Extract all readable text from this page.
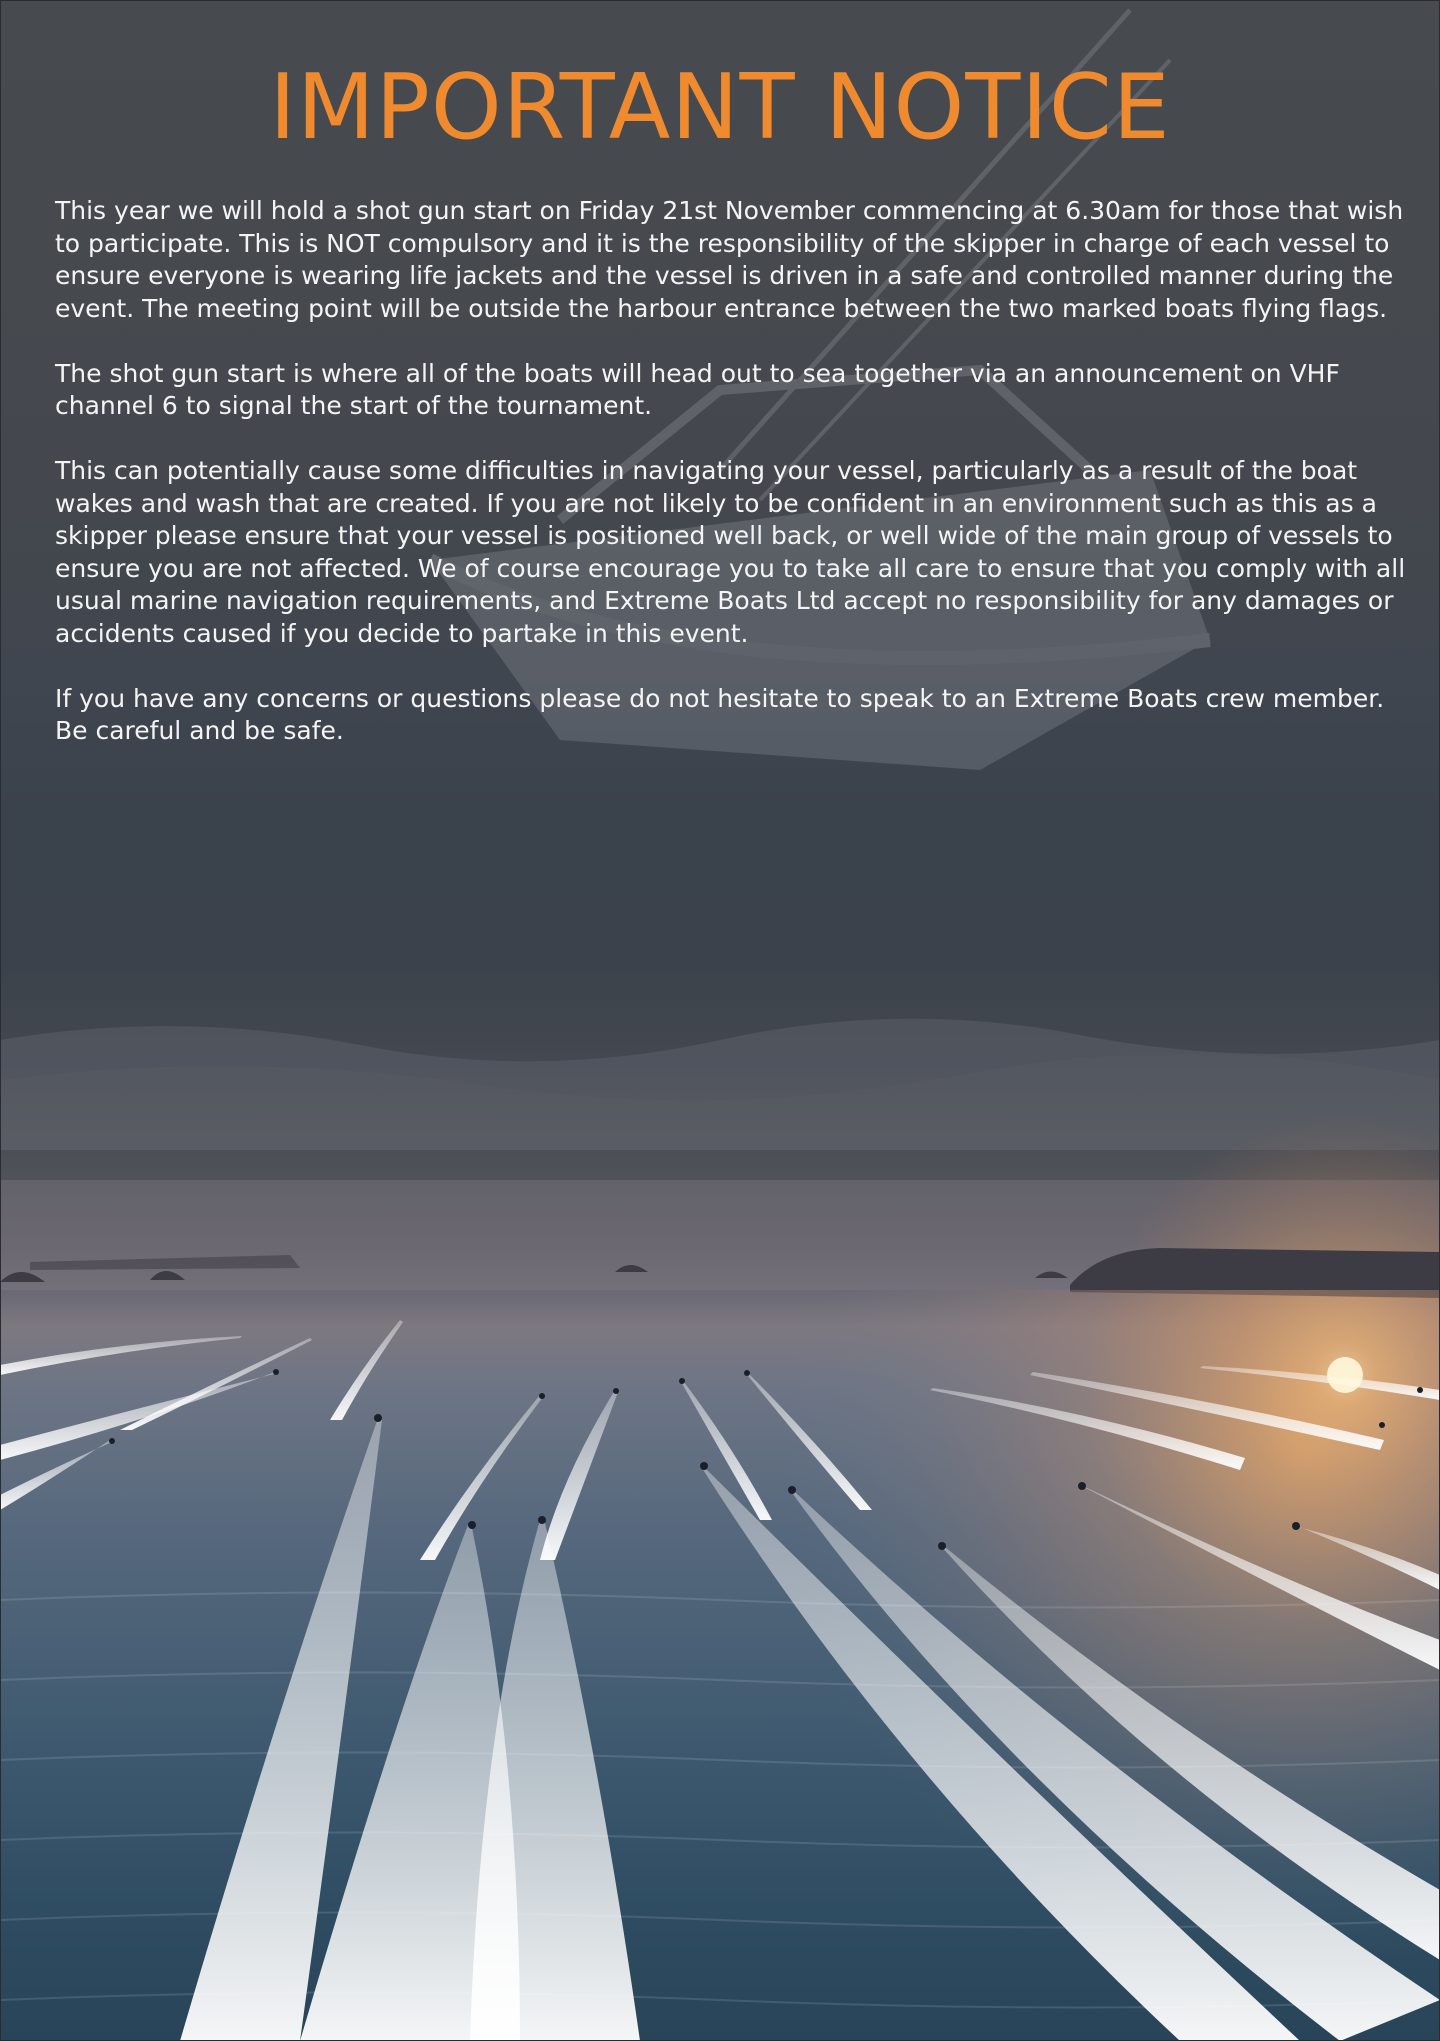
IMPORTANT NOTICE

This year we will hold a shot gun start on Friday 21st November commencing at 6.30am for those that wish to participate. This is NOT compulsory and it is the responsibility of the skipper in charge of each vessel to ensure everyone is wearing life jackets and the vessel is driven in a safe and controlled manner during the event. The meeting point will be outside the harbour entrance between the two marked boats flying flags.

The shot gun start is where all of the boats will head out to sea together via an announcement on VHF channel 6 to signal the start of the tournament.

This can potentially cause some difficulties in navigating your vessel, particularly as a result of the boat wakes and wash that are created. If you are not likely to be confident in an environment such as this as a skipper please ensure that your vessel is positioned well back, or well wide of the main group of vessels to ensure you are not affected. We of course encourage you to take all care to ensure that you comply with all usual marine navigation requirements, and Extreme Boats Ltd accept no responsibility for any damages or accidents caused if you decide to partake in this event.

If you have any concerns or questions please do not hesitate to speak to an Extreme Boats crew member. Be careful and be safe.
